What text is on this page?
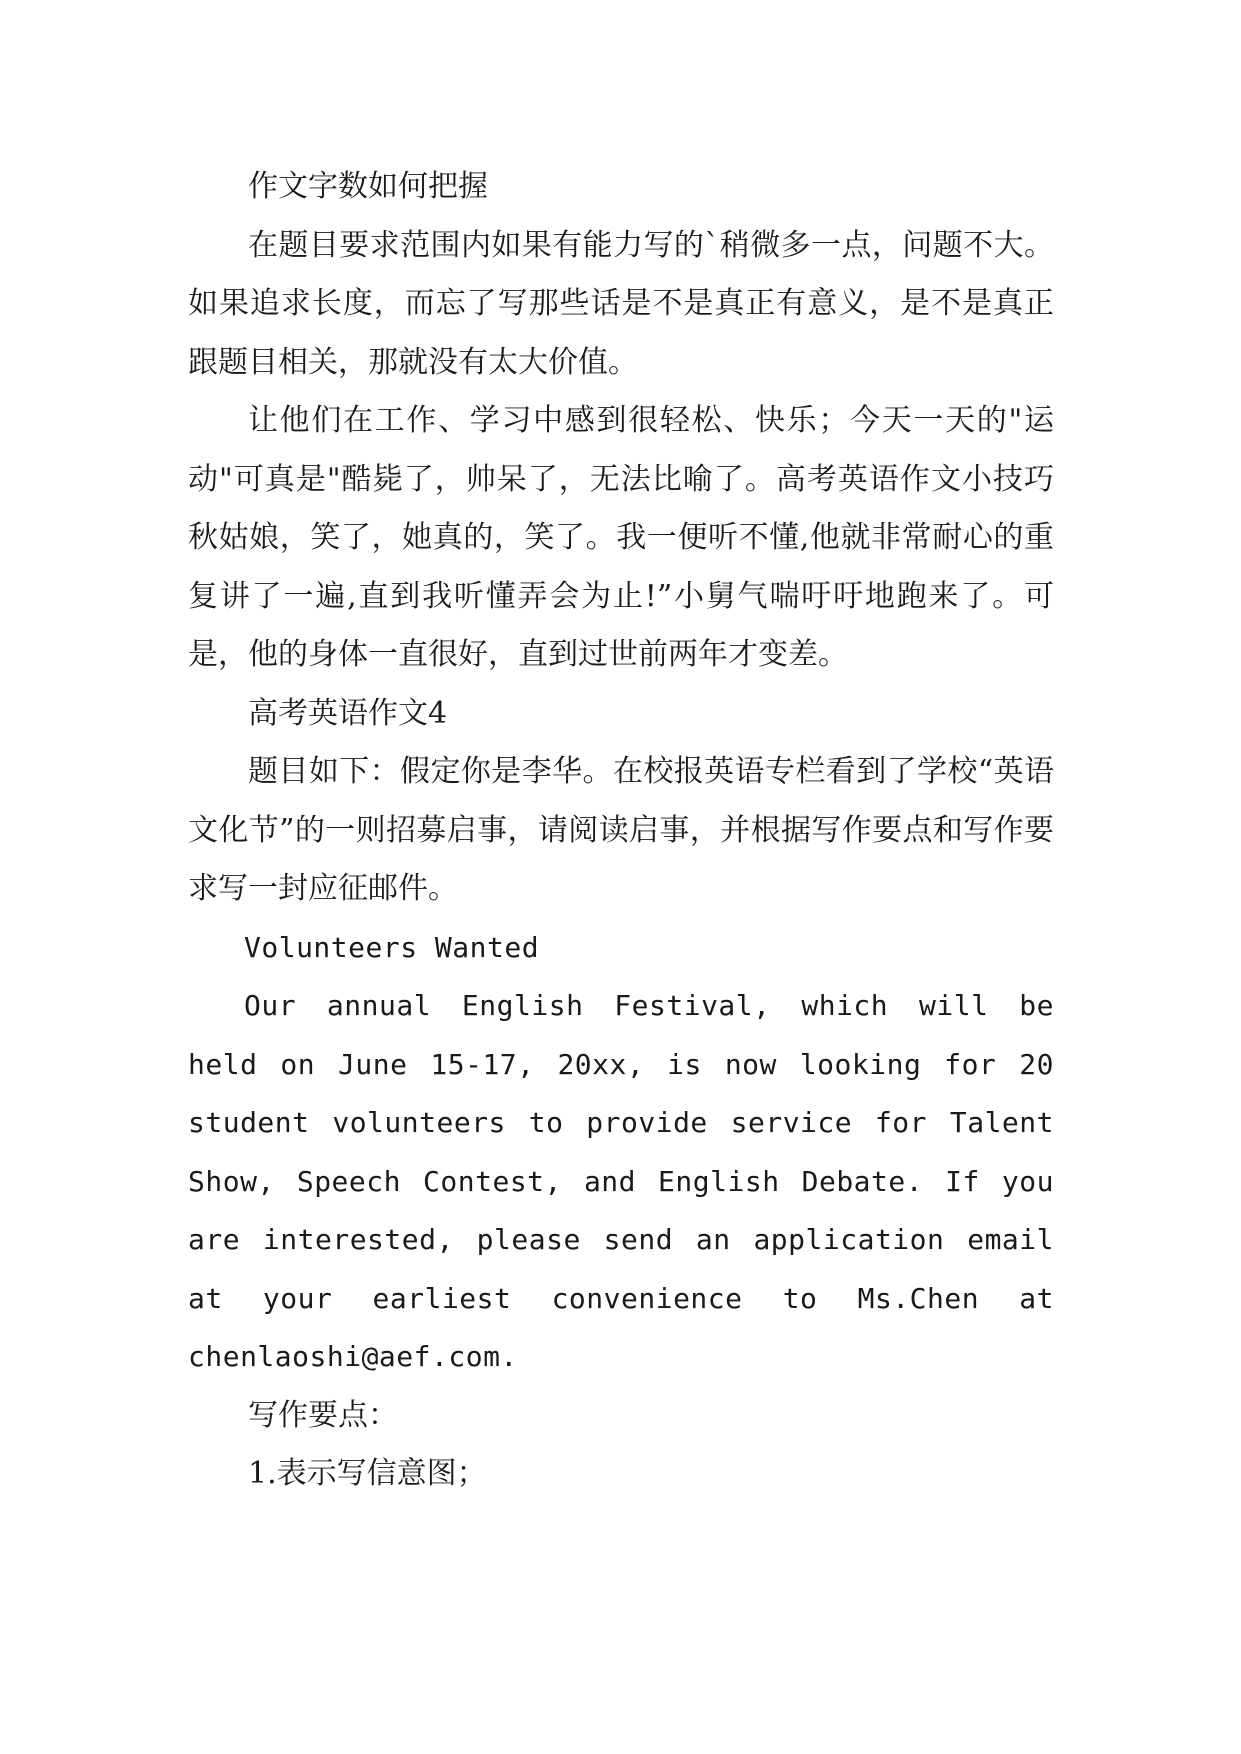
作文字数如何把握

在题目要求范围内如果有能力写的`稍微多一点，问题不大。如果追求长度，而忘了写那些话是不是真正有意义，是不是真正跟题目相关，那就没有太大价值。

让他们在工作、学习中感到很轻松、快乐；今天一天的"运动"可真是"酷毙了，帅呆了，无法比喻了。高考英语作文小技巧秋姑娘，笑了，她真的，笑了。我一便听不懂,他就非常耐心的重复讲了一遍,直到我听懂弄会为止!”小舅气喘吁吁地跑来了。可是，他的身体一直很好，直到过世前两年才变差。

高考英语作文4

题目如下：假定你是李华。在校报英语专栏看到了学校“英语文化节”的一则招募启事，请阅读启事，并根据写作要点和写作要求写一封应征邮件。

Volunteers Wanted

Our annual English Festival, which will be held on June 15-17, 20xx, is now looking for 20 student volunteers to provide service for Talent Show, Speech Contest, and English Debate. If you are interested, please send an application email at your earliest convenience to Ms.Chen at chenlaoshi@aef.com.

写作要点：

1.表示写信意图；
